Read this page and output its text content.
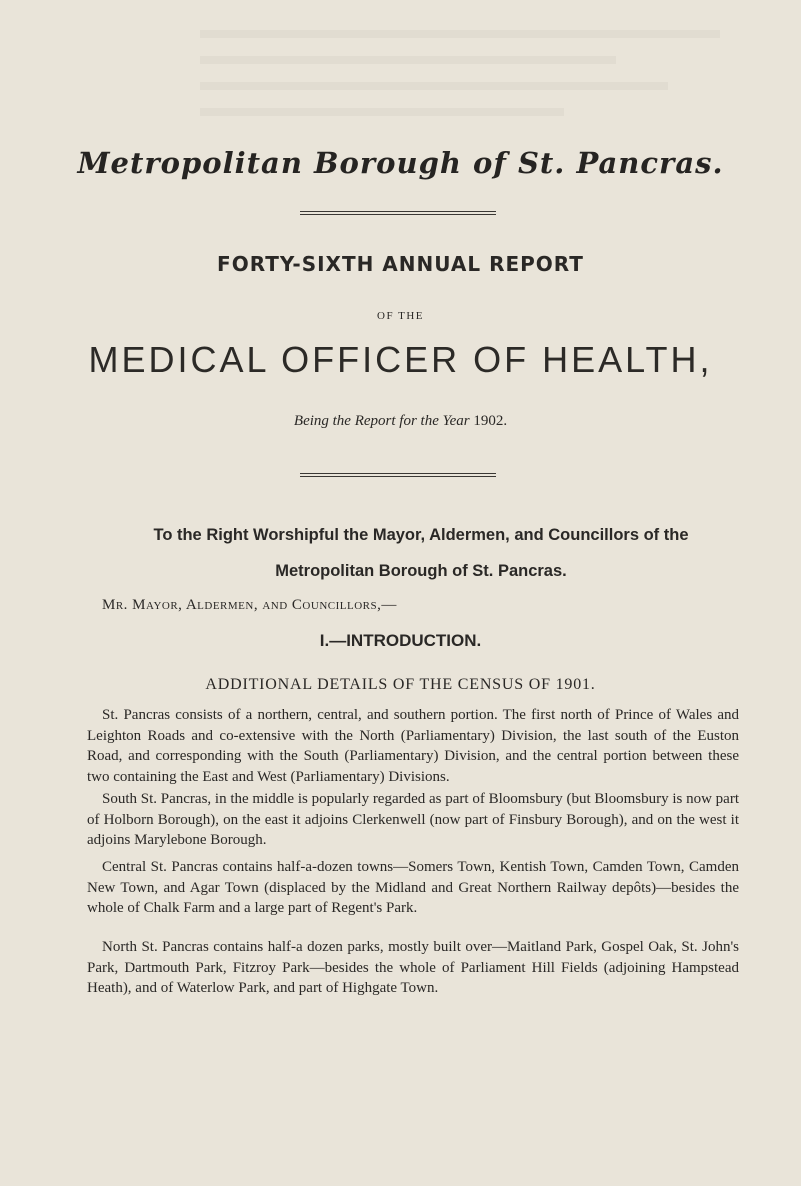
Metropolitan Borough of St. Pancras.
FORTY-SIXTH ANNUAL REPORT
OF THE
MEDICAL OFFICER OF HEALTH,
Being the Report for the Year 1902.
To the Right Worshipful the Mayor, Aldermen, and Councillors of the
Metropolitan Borough of St. Pancras.
Mr. Mayor, Aldermen, and Councillors,—
I.—INTRODUCTION.
ADDITIONAL DETAILS OF THE CENSUS OF 1901.

St. Pancras consists of a northern, central, and southern portion. The first north of Prince of Wales and Leighton Roads and co-extensive with the North (Parliamentary) Division, the last south of the Euston Road, and corresponding with the South (Parliamentary) Division, and the central portion between these two containing the East and West (Parliamentary) Divisions.

South St. Pancras, in the middle is popularly regarded as part of Bloomsbury (but Bloomsbury is now part of Holborn Borough), on the east it adjoins Clerkenwell (now part of Finsbury Borough), and on the west it adjoins Marylebone Borough.

Central St. Pancras contains half-a-dozen towns—Somers Town, Kentish Town, Camden Town, Camden New Town, and Agar Town (displaced by the Midland and Great Northern Railway depôts)—besides the whole of Chalk Farm and a large part of Regent's Park.

North St. Pancras contains half-a dozen parks, mostly built over—Maitland Park, Gospel Oak, St. John's Park, Dartmouth Park, Fitzroy Park—besides the whole of Parliament Hill Fields (adjoining Hampstead Heath), and of Waterlow Park, and part of Highgate Town.
